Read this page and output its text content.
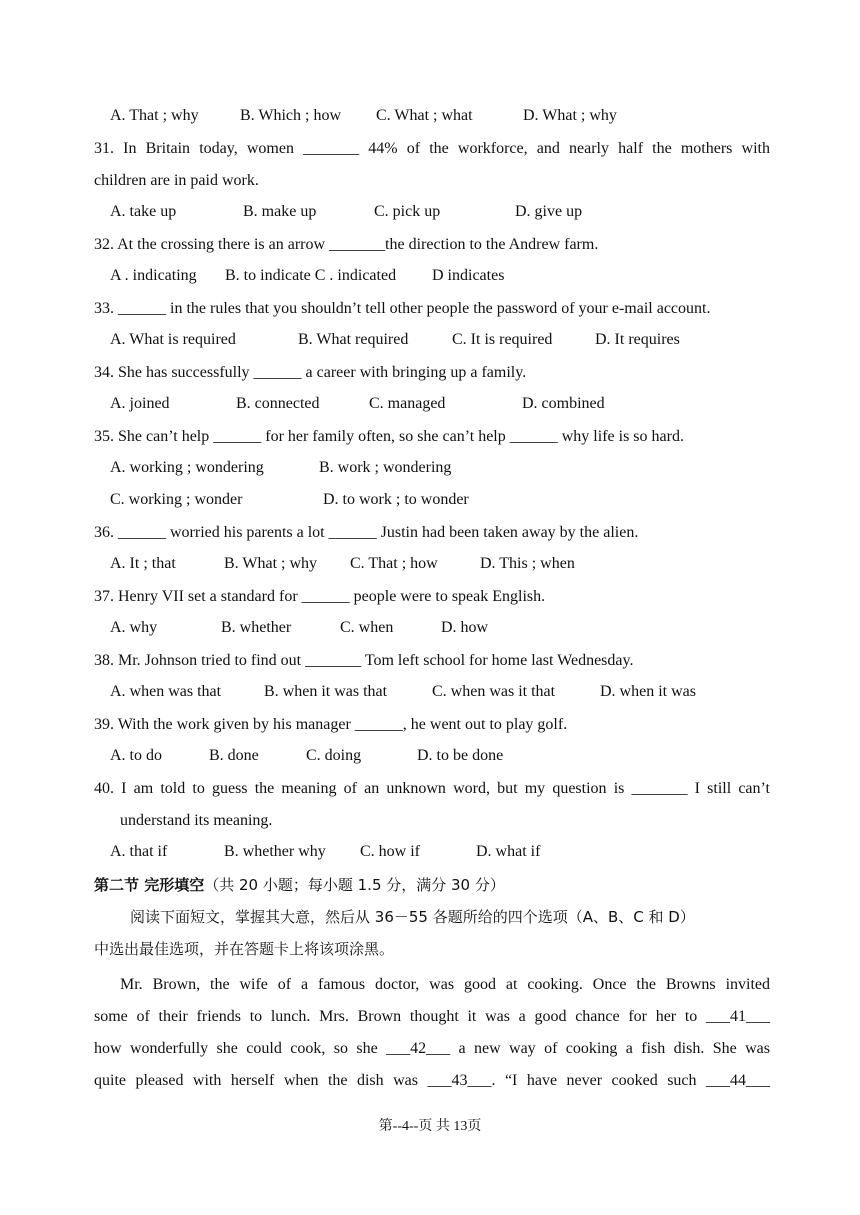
A. That ; why	B. Which ; how C. What ; what	D. What ; why
31. In Britain today, women _______ 44% of the workforce, and nearly half the mothers with
children are in paid work.
A. take up	B. make up	C. pick up	D. give up
32. At the crossing there is an arrow _______the direction to the Andrew farm.
A . indicating B. to indicate C . indicated D indicates
33. ______ in the rules that you shouldn’t tell other people the password of your e-mail account.
A. What is required	B. What required	C. It is required	D. It requires
34. She has successfully ______ a career with bringing up a family.
A. joined	B. connected	C. managed	D. combined
35. She can’t help ______ for her family often, so she can’t help ______ why life is so hard.
A. working ; wondering	B. work ; wondering
C. working ; wonder	D. to work ; to wonder
36. ______ worried his parents a lot ______ Justin had been taken away by the alien.
A. It ; that	B. What ; why C. That ; how	D. This ; when
37. Henry VII set a standard for ______ people were to speak English.
A. why	B. whether	C. when	D. how
38. Mr. Johnson tried to find out _______ Tom left school for home last Wednesday.
A. when was that	B. when it was that	C. when was it that	D. when it was
39. With the work given by his manager ______, he went out to play golf.
A. to do	B. done	C. doing	D. to be done
40. I am told to guess the meaning of an unknown word, but my question is _______ I still can’t
understand its meaning.
A. that if	B. whether why C. how if	D. what if
第二节 完形填空（共 20 小题；每小题 1.5 分，满分 30 分）
阅读下面短文，掌握其大意，然后从 36－55 各题所给的四个选项（A、B、C 和 D）
中选出最佳选项，并在答题卡上将该项涂黑。
Mr. Brown, the wife of a famous doctor, was good at cooking. Once the Browns invited
some of their friends to lunch. Mrs. Brown thought it was a good chance for her to ___41___
how wonderfully she could cook, so she ___42___ a new way of cooking a fish dish. She was
quite pleased with herself when the dish was ___43___. “I have never cooked such ___44___
第--4--页 共 13页
